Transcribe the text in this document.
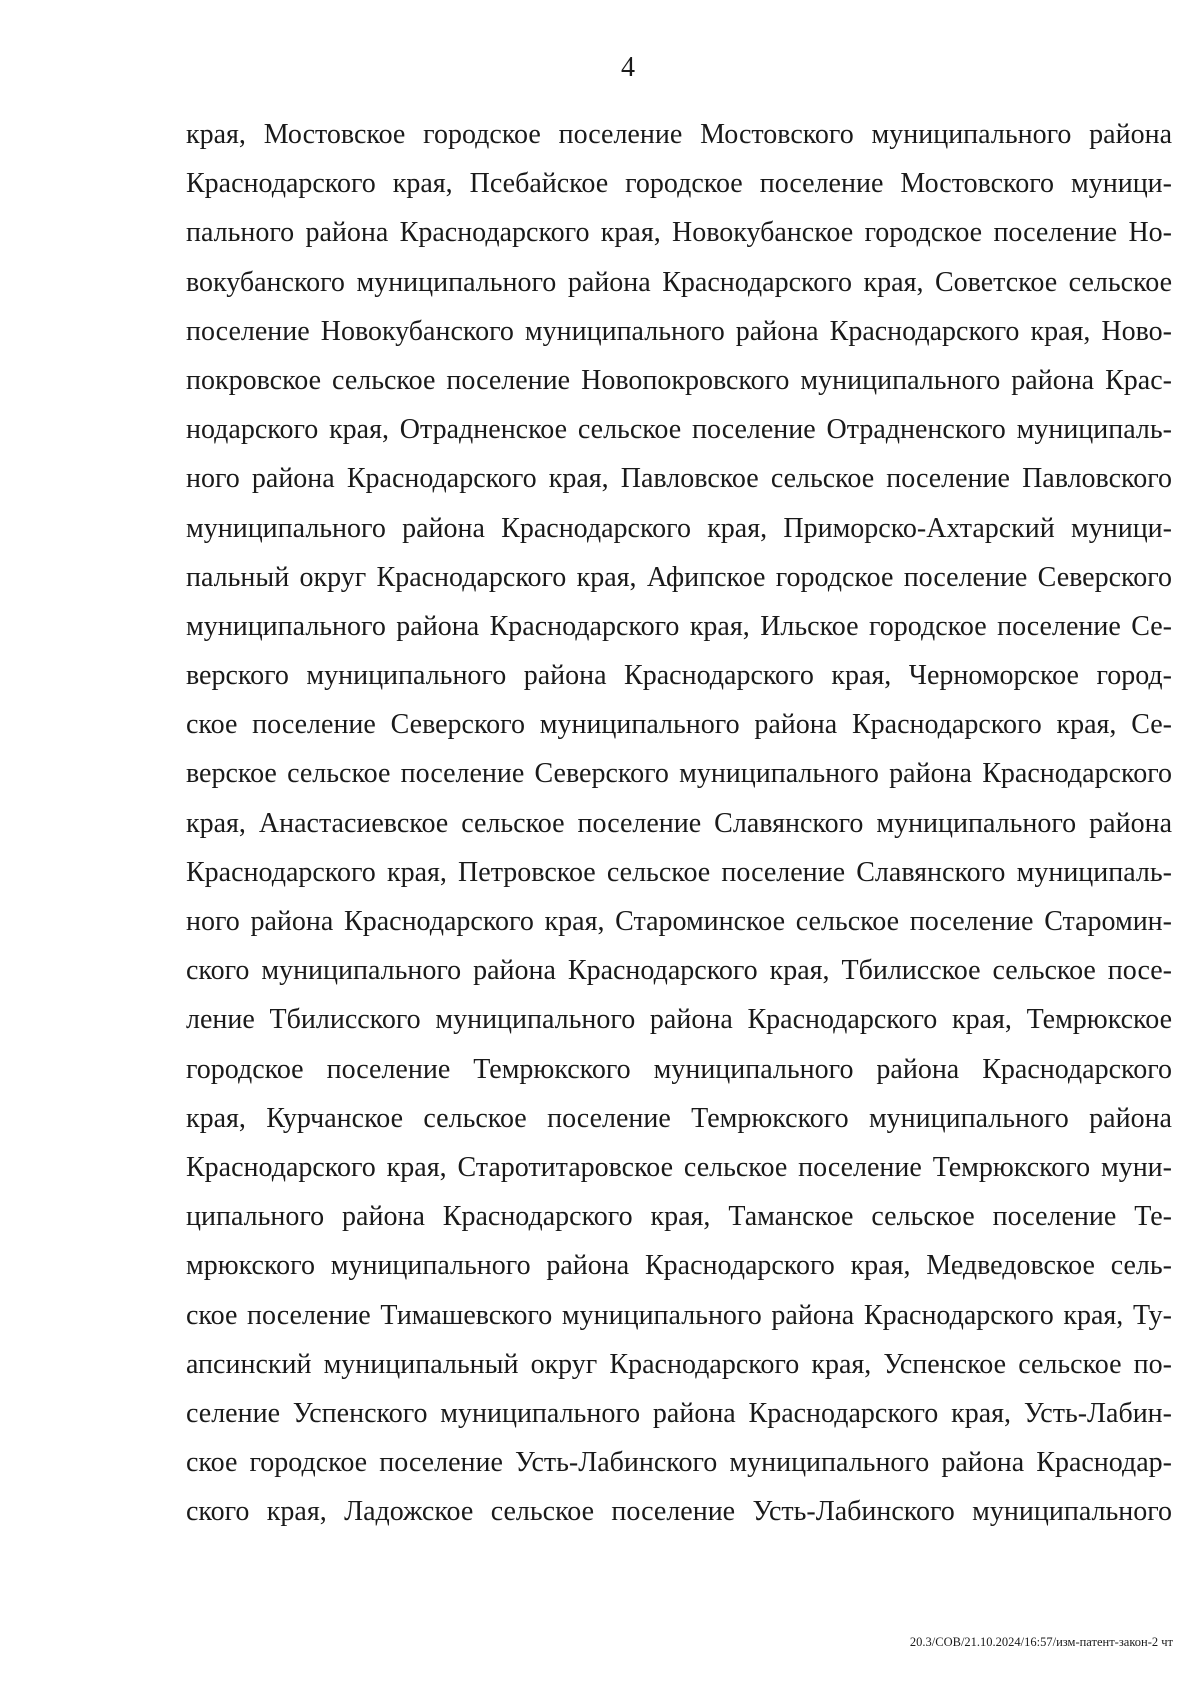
4
края, Мостовское городское поселение Мостовского муниципального района
Краснодарского края, Псебайское городское поселение Мостовского муници-
пального района Краснодарского края, Новокубанское городское поселение Но-
вокубанского муниципального района Краснодарского края, Советское сельское
поселение Новокубанского муниципального района Краснодарского края, Ново-
покровское сельское поселение Новопокровского муниципального района Крас-
нодарского края, Отрадненское сельское поселение Отрадненского муниципаль-
ного района Краснодарского края, Павловское сельское поселение Павловского
муниципального района Краснодарского края, Приморско-Ахтарский муници-
пальный округ Краснодарского края, Афипское городское поселение Северского
муниципального района Краснодарского края, Ильское городское поселение Се-
верского муниципального района Краснодарского края, Черноморское город-
ское поселение Северского муниципального района Краснодарского края, Се-
верское сельское поселение Северского муниципального района Краснодарского
края, Анастасиевское сельское поселение Славянского муниципального района
Краснодарского края, Петровское сельское поселение Славянского муниципаль-
ного района Краснодарского края, Староминское сельское поселение Старомин-
ского муниципального района Краснодарского края, Тбилисское сельское посе-
ление Тбилисского муниципального района Краснодарского края, Темрюкское
городское поселение Темрюкского муниципального района Краснодарского
края, Курчанское сельское поселение Темрюкского муниципального района
Краснодарского края, Старотитаровское сельское поселение Темрюкского муни-
ципального района Краснодарского края, Таманское сельское поселение Те-
мрюкского муниципального района Краснодарского края, Медведовское сель-
ское поселение Тимашевского муниципального района Краснодарского края, Ту-
апсинский муниципальный округ Краснодарского края, Успенское сельское по-
селение Успенского муниципального района Краснодарского края, Усть-Лабин-
ское городское поселение Усть-Лабинского муниципального района Краснодар-
ского края, Ладожское сельское поселение Усть-Лабинского муниципального
20.3/СОВ/21.10.2024/16:57/изм-патент-закон-2 чт
